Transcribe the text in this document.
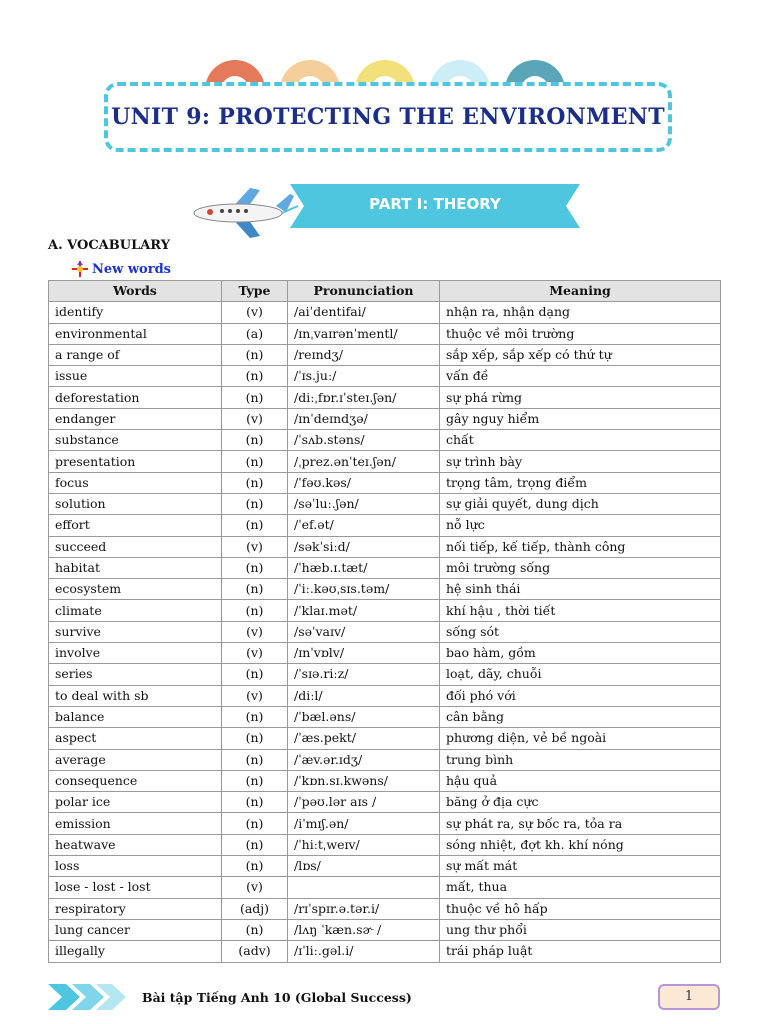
UNIT 9: PROTECTING THE ENVIRONMENT
PART I: THEORY
A. VOCABULARY
New words
Words	Type	Pronunciation	Meaning
identify	(v)	/aiˈdentifai/	nhận ra, nhận dạng
environmental	(a)	/ɪnˌvaɪrənˈmentl/	thuộc về môi trường
a range of	(n)	/reɪndʒ/	sắp xếp, sắp xếp có thứ tự
issue	(n)	/ˈɪs.juː/	vấn đề
deforestation	(n)	/diːˌfɒr.ɪˈsteɪ.ʃən/	sự phá rừng
endanger	(v)	/ɪnˈdeɪndʒə/	gây nguy hiểm
substance	(n)	/ˈsʌb.stəns/	chất
presentation	(n)	/ˌprez.ənˈteɪ.ʃən/	sự trình bày
focus	(n)	/ˈfəʊ.kəs/	trọng tâm, trọng điểm
solution	(n)	/səˈluː.ʃən/	sự giải quyết, dung dịch
effort	(n)	/ˈef.ət/	nỗ lực
succeed	(v)	/səkˈsiːd/	nối tiếp, kế tiếp, thành công
habitat	(n)	/ˈhæb.ɪ.tæt/	môi trường sống
ecosystem	(n)	/ˈiː.kəʊˌsɪs.təm/	hệ sinh thái
climate	(n)	/ˈklaɪ.mət/	khí hậu , thời tiết
survive	(v)	/səˈvaɪv/	sống sót
involve	(v)	/ɪnˈvɒlv/	bao hàm, gồm
series	(n)	/ˈsɪə.riːz/	loạt, dãy, chuỗi
to deal with sb	(v)	/diːl/	đối phó với
balance	(n)	/ˈbæl.əns/	cân bằng
aspect	(n)	/ˈæs.pekt/	phương diện, vẻ bề ngoài
average	(n)	/ˈæv.ər.ɪdʒ/	trung bình
consequence	(n)	/ˈkɒn.sɪ.kwəns/	hậu quả
polar ice	(n)	/ˈpəʊ.lər aɪs /	băng ở địa cực
emission	(n)	/iˈmɪʃ.ən/	sự phát ra, sự bốc ra, tỏa ra
heatwave	(n)	/ˈhiːtˌweɪv/	sóng nhiệt, đợt kh. khí nóng
loss	(n)	/lɒs/	sự mất mát
lose - lost - lost	(v)		mất, thua
respiratory	(adj)	/rɪˈspɪr.ə.tər.i/	thuộc về hô hấp
lung cancer	(n)	/lʌŋ ˈkæn.sɚ /	ung thư phổi
illegally	(adv)	/ɪˈliː.gəl.i/	trái pháp luật
Bài tập Tiếng Anh 10 (Global Success)	1
